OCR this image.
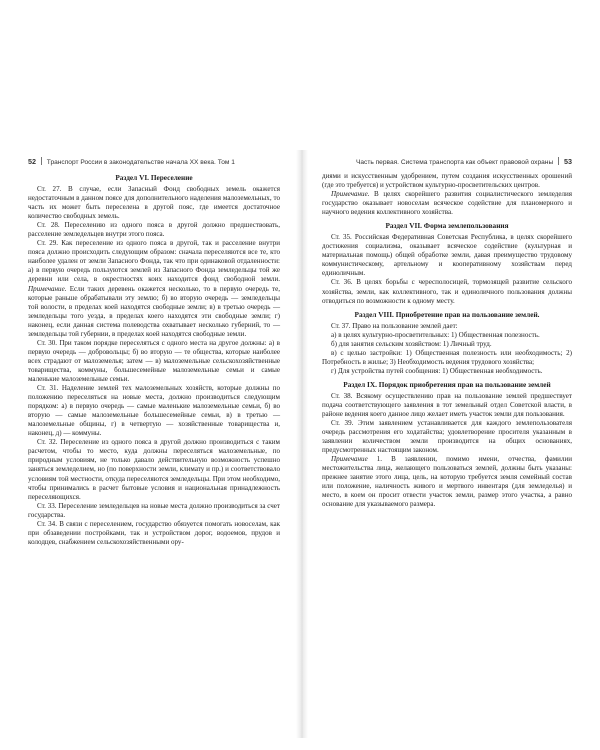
52 Транспорт России в законодательстве начала XX века. Том 1	Часть первая. Система транспорта как объект правовой охраны 53
Раздел VI. Переселение

Ст. 27. В случае, если Запасный Фонд свободных земель окажется недостаточным в данном поясе для дополнительного наделения малоземельных, то часть их может быть переселена в другой пояс, где имеется достаточное количество свободных земель.

Ст. 28. Переселению из одного пояса в другой должно предшествовать, расселение земледельцев внутри этого пояса.

Ст. 29. Как переселение из одного пояса в другой, так и расселение внутри пояса должно происходить следующим образом: сначала переселяются все те, кто наиболее удален от земли Запасного Фонда, так что при одинаковой отдаленности: а) в первую очередь пользуются землей из Запасного Фонда земледельцы той же деревни или села, в окрестностях коих находится фонд свободной земли. Примечание. Если таких деревень окажется несколько, то в первую очередь те, которые раньше обрабатывали эту землю; б) во вторую очередь — земледельцы той волости, в пределах коей находятся свободные земли; в) в третью очередь — земледельцы того уезда, в пределах коего находятся эти свободные земли; г) наконец, если данная система полеводства охватывает несколько губерний, то — земледельцы той губернии, в пределах коей находятся свободные земли.

Ст. 30. При таком порядке переселяться с одного места на другое должны: а) в первую очередь — добровольцы; б) во вторую — те общества, которые наиболее всех страдают от малоземелья; затем — в) малоземельные сельскохозяйственные товарищества, коммуны, большесемейные малоземельные семьи и самые маленькие малоземельные семьи.

Ст. 31. Наделение землей тех малоземельных хозяйств, которые должны по положению переселяться на новые места, должно производиться следующим порядком: а) в первую очередь — самые маленькие малоземельные семьи, б) во вторую — самые малоземельные большесемейные семьи, в) в третью — малоземельные общины, г) в четвертую — хозяйственные товарищества и, наконец, д) — коммуны.

Ст. 32. Переселение из одного пояса в другой должно производиться с таким расчетом, чтобы то место, куда должны переселяться малоземельные, по природным условиям, не только давало действительную возможность успешно заняться земледелием, но (по поверхности земли, климату и пр.) и соответствовало условиям той местности, откуда переселяются земледельцы. При этом необходимо, чтобы принимались в расчет бытовые условия и национальная принадлежность переселяющихся.

Ст. 33. Переселение земледельцев на новые места должно производиться за счет государства.

Ст. 34. В связи с переселением, государство обязуется помогать новоселам, как при обзаведении постройками, так и устройством дорог, водоемов, прудов и колодцев, снабжением сельскохозяйственными ору-

диями и искусственным удобрением, путем создания искусственных орошений (где это требуется) и устройством культурно-просветительских центров.

Примечание. В целях скорейшего развития социалистического земледелия государство оказывает новоселам всяческое содействие для планомерного и научного ведения коллективного хозяйства.

Раздел VII. Форма землепользования

Ст. 35. Российская Федеративная Советская Республика, в целях скорейшего достижения социализма, оказывает всяческое содействие (культурная и материальная помощь) общей обработке земли, давая преимущество трудовому коммунистическому, артельному и кооперативному хозяйствам перед единоличным.

Ст. 36. В целях борьбы с чересполосицей, тормозящей развитие сельского хозяйства, земли, как коллективного, так и единоличного пользования должны отводиться по возможности к одному месту.

Раздел VIII. Приобретение прав на пользование землей.

Ст. 37. Право на пользование землей дает:

а) в целях культурно-просветительных: 1) Общественная полезность.

б) для занятия сельским хозяйством: 1) Личный труд.

в) с целью застройки: 1) Общественная полезность или необходимость; 2) Потребность в жилье; 3) Необходимость ведения трудового хозяйства;

г) Для устройства путей сообщения: 1) Общественная необходимость.

Раздел IX. Порядок приобретения прав на пользование землей

Ст. 38. Всякому осуществлению прав на пользование землей предшествует подача соответствующего заявления в тот земельный отдел Советской власти, в районе ведения коего данное лицо желает иметь участок земли для пользования.

Ст. 39. Этим заявлением устанавливается для каждого землепользователя очередь рассмотрения его ходатайства; удовлетворение просителя указанным в заявлении количеством земли производится на общих основаниях, предусмотренных настоящим законом.

Примечание 1. В заявлении, помимо имени, отчества, фамилии местожительства лица, желающего пользоваться землей, должны быть указаны: прежнее занятие этого лица, цель, на которую требуется земля семейный состав или положение, наличность живого и мертвого инвентаря (для земледелья) и место, в коем он просит отвести участок земли, размер этого участка, а равно основание для указываемого размера.
